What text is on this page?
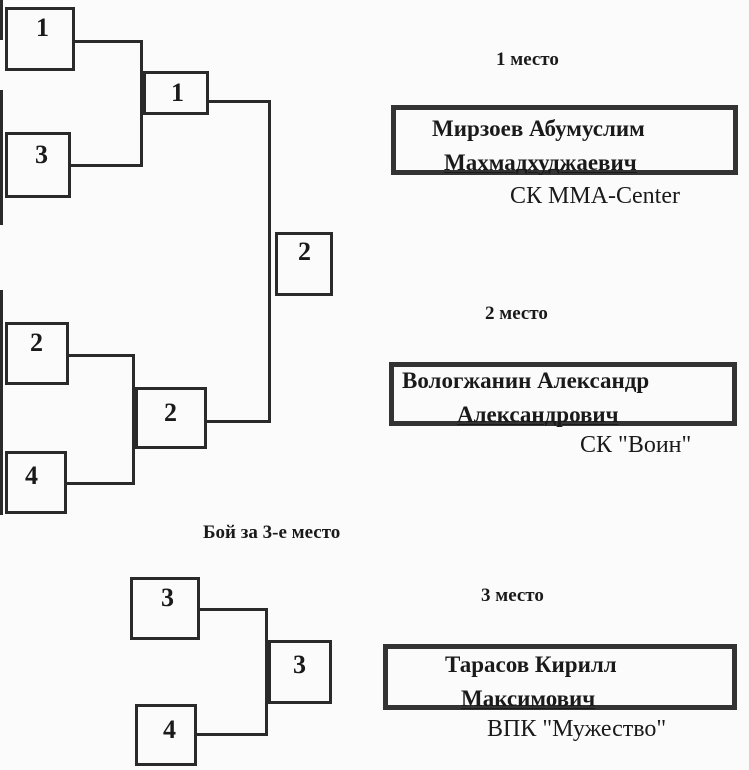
1
3
2
4
1
2
2
Бой за 3-е место
3
4
3
1 место
Мирзоев Абумуслим
Махмадхуджаевич
СК MMA-Center
2 место
Вологжанин Александр
Александрович
СК "Воин"
3 место
Тарасов Кирилл
Максимович
ВПК "Мужество"
